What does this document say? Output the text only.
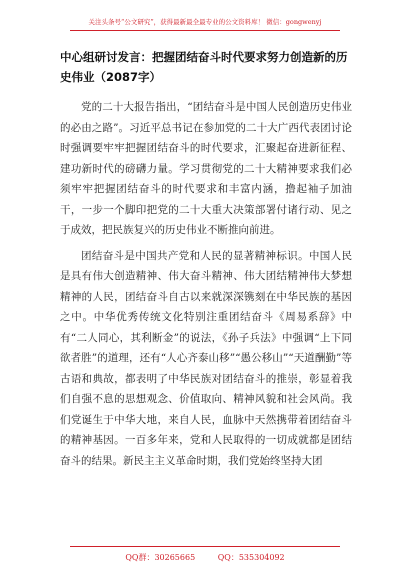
关注头条号“公文研究”，获得最新最全最专业的公文资料库！ 微信：gongwenyj
中心组研讨发言：把握团结奋斗时代要求努力创造新的历史伟业（2087字）

党的二十大报告指出，“团结奋斗是中国人民创造历史伟业的必由之路”。习近平总书记在参加党的二十大广西代表团讨论时强调要牢牢把握团结奋斗的时代要求，汇聚起奋进新征程、建功新时代的磅礴力量。学习贯彻党的二十大精神要求我们必须牢牢把握团结奋斗的时代要求和丰富内涵，撸起袖子加油干，一步一个脚印把党的二十大重大决策部署付诸行动、见之于成效，把民族复兴的历史伟业不断推向前进。

团结奋斗是中国共产党和人民的显著精神标识。中国人民是具有伟大创造精神、伟大奋斗精神、伟大团结精神伟大梦想精神的人民，团结奋斗自古以来就深深镌刻在中华民族的基因之中。中华优秀传统文化特别注重团结奋斗《周易系辞》中有“二人同心，其利断金”的说法，《孙子兵法》中强调“上下同欲者胜”的道理，还有“人心齐泰山移”“愚公移山”“天道酬勤”等古语和典故，都表明了中华民族对团结奋斗的推崇，彰显着我们自强不息的思想观念、价值取向、精神风貌和社会风尚。我们党诞生于中华大地，来自人民，血脉中天然携带着团结奋斗的精神基因。一百多年来，党和人民取得的一切成就都是团结奋斗的结果。新民主主义革命时期，我们党始终坚持大团

QQ群：30265665	QQ：535304092
